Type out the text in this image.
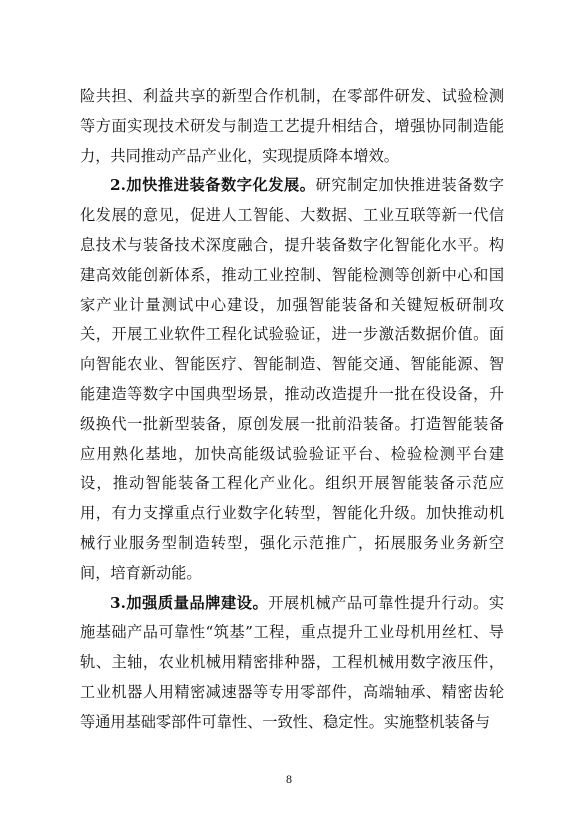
险共担、利益共享的新型合作机制，在零部件研发、试验检测等方面实现技术研发与制造工艺提升相结合，增强协同制造能力，共同推动产品产业化，实现提质降本增效。

2.加快推进装备数字化发展。研究制定加快推进装备数字化发展的意见，促进人工智能、大数据、工业互联等新一代信息技术与装备技术深度融合，提升装备数字化智能化水平。构建高效能创新体系，推动工业控制、智能检测等创新中心和国家产业计量测试中心建设，加强智能装备和关键短板研制攻关，开展工业软件工程化试验验证，进一步激活数据价值。面向智能农业、智能医疗、智能制造、智能交通、智能能源、智能建造等数字中国典型场景，推动改造提升一批在役设备，升级换代一批新型装备，原创发展一批前沿装备。打造智能装备应用熟化基地，加快高能级试验验证平台、检验检测平台建设，推动智能装备工程化产业化。组织开展智能装备示范应用，有力支撑重点行业数字化转型，智能化升级。加快推动机械行业服务型制造转型，强化示范推广，拓展服务业务新空间，培育新动能。

3.加强质量品牌建设。开展机械产品可靠性提升行动。实施基础产品可靠性“筑基”工程，重点提升工业母机用丝杠、导轨、主轴，农业机械用精密排种器，工程机械用数字液压件，工业机器人用精密减速器等专用零部件，高端轴承、精密齿轮等通用基础零部件可靠性、一致性、稳定性。实施整机装备与

8
